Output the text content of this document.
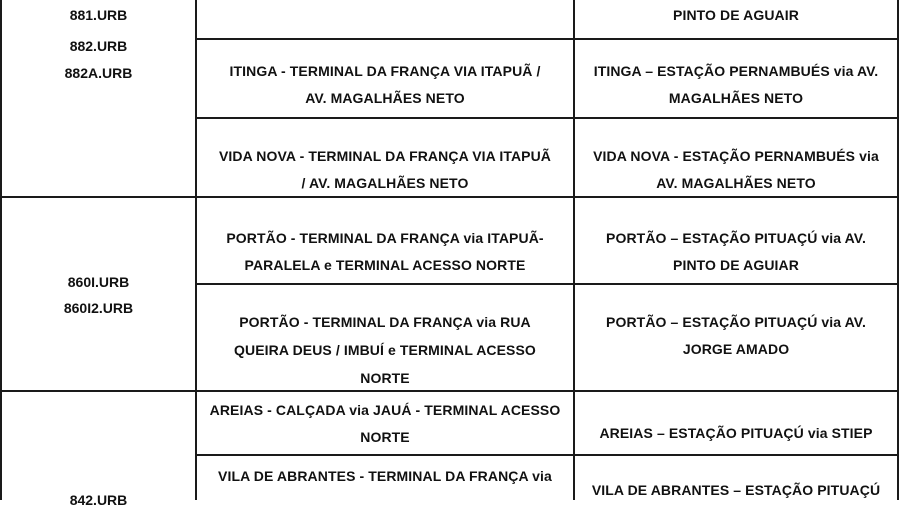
881.URB
882.URB
882A.URB
PINTO DE AGUAIR
ITINGA - TERMINAL DA FRANÇA VIA ITAPUÃ /
AV. MAGALHÃES NETO
ITINGA – ESTAÇÃO PERNAMBUÉS via AV.
MAGALHÃES NETO
VIDA NOVA - TERMINAL DA FRANÇA VIA ITAPUÃ
/ AV. MAGALHÃES NETO
VIDA NOVA - ESTAÇÃO PERNAMBUÉS via
AV. MAGALHÃES NETO
860I.URB
860I2.URB
PORTÃO - TERMINAL DA FRANÇA via ITAPUÃ-
PARALELA e TERMINAL ACESSO NORTE
PORTÃO – ESTAÇÃO PITUAÇÚ via AV.
PINTO DE AGUIAR
PORTÃO - TERMINAL DA FRANÇA via RUA
QUEIRA DEUS / IMBUÍ e TERMINAL ACESSO
NORTE
PORTÃO – ESTAÇÃO PITUAÇÚ via AV.
JORGE AMADO
842.URB
AREIAS - CALÇADA via JAUÁ - TERMINAL ACESSO
NORTE	AREIAS – ESTAÇÃO PITUAÇÚ via STIEP
VILA DE ABRANTES - TERMINAL DA FRANÇA via
VILA DE ABRANTES – ESTAÇÃO PITUAÇÚ
